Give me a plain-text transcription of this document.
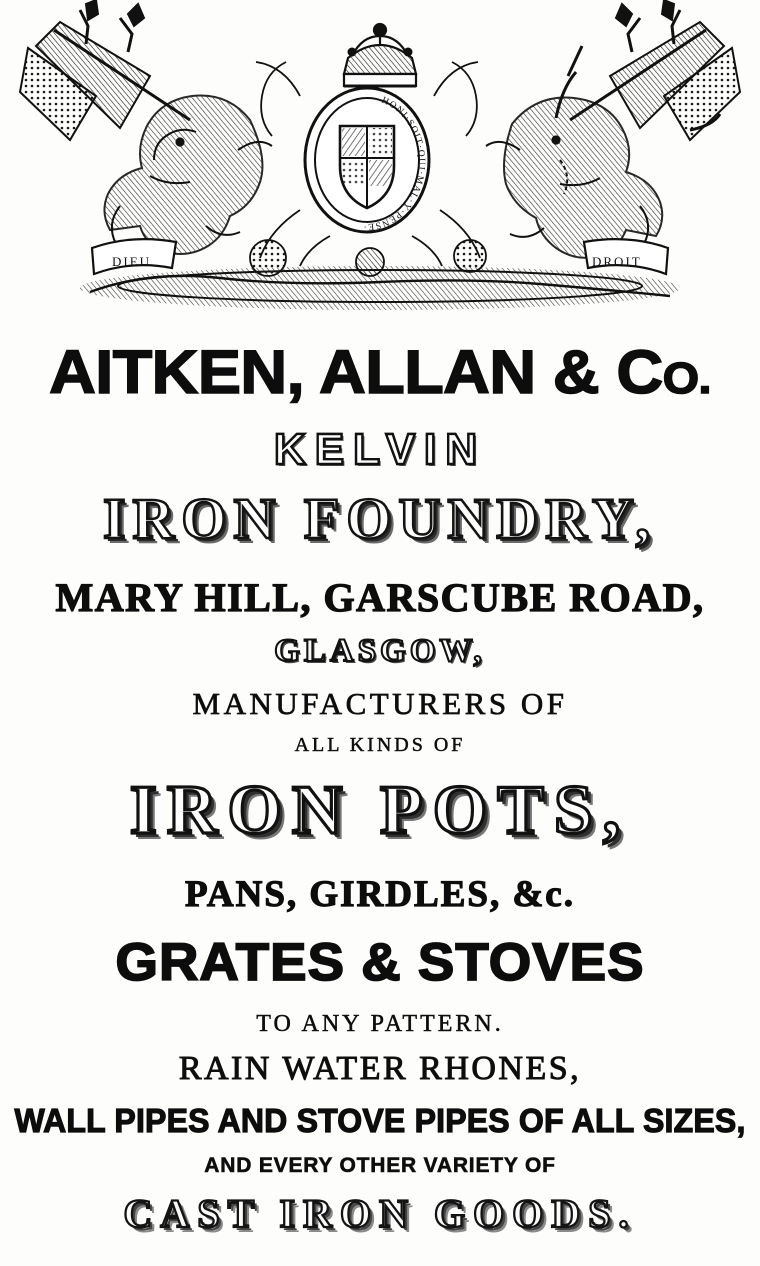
HONI·SOIT·QUI·MAL·Y·PENSE·
DIEU	DROIT
AITKEN, ALLAN & CO.
KELVIN
IRON FOUNDRY,
MARY HILL, GARSCUBE ROAD,
GLASGOW,
MANUFACTURERS OF
ALL KINDS OF
IRON POTS,
PANS, GIRDLES, &c.
GRATES & STOVES
TO ANY PATTERN.
RAIN WATER RHONES,
WALL PIPES AND STOVE PIPES OF ALL SIZES,
AND EVERY OTHER VARIETY OF
CAST IRON GOODS.
